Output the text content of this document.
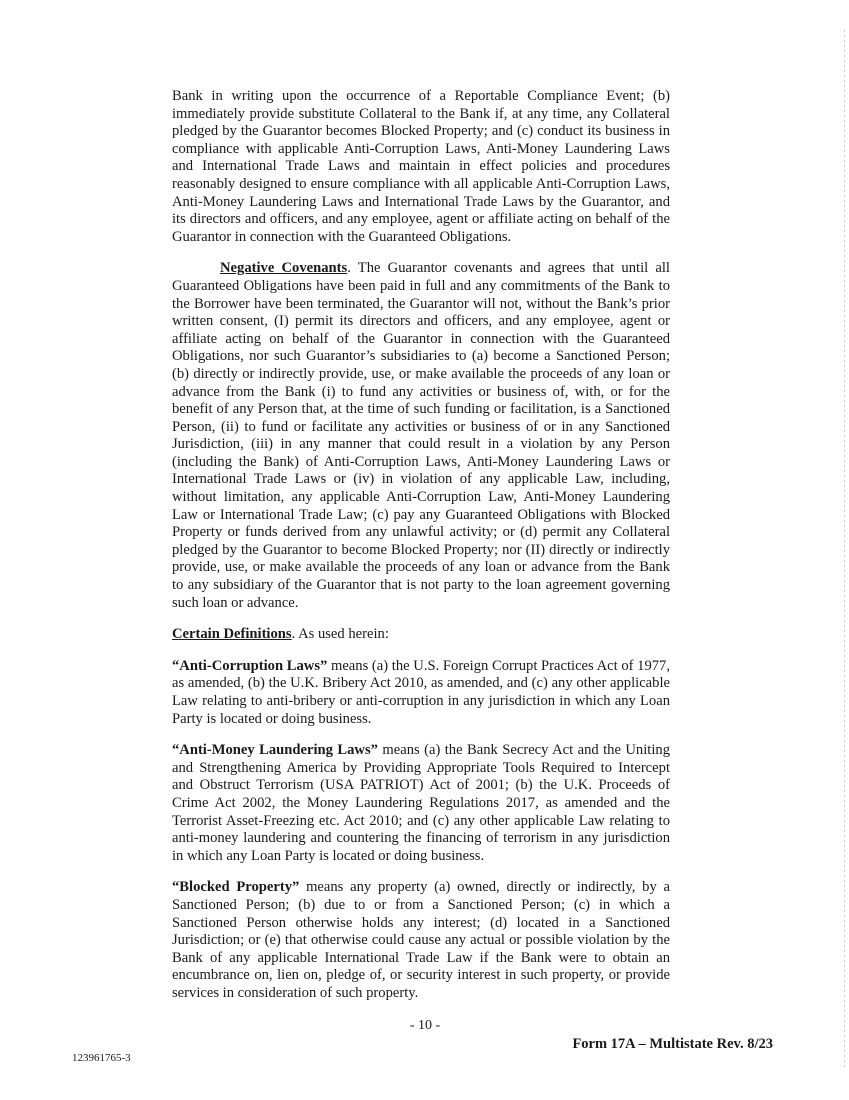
Bank in writing upon the occurrence of a Reportable Compliance Event; (b) immediately provide substitute Collateral to the Bank if, at any time, any Collateral pledged by the Guarantor becomes Blocked Property; and (c) conduct its business in compliance with applicable Anti-Corruption Laws, Anti-Money Laundering Laws and International Trade Laws and maintain in effect policies and procedures reasonably designed to ensure compliance with all applicable Anti-Corruption Laws, Anti-Money Laundering Laws and International Trade Laws by the Guarantor, and its directors and officers, and any employee, agent or affiliate acting on behalf of the Guarantor in connection with the Guaranteed Obligations.

Negative Covenants. The Guarantor covenants and agrees that until all Guaranteed Obligations have been paid in full and any commitments of the Bank to the Borrower have been terminated, the Guarantor will not, without the Bank’s prior written consent, (I) permit its directors and officers, and any employee, agent or affiliate acting on behalf of the Guarantor in connection with the Guaranteed Obligations, nor such Guarantor’s subsidiaries to (a) become a Sanctioned Person; (b) directly or indirectly provide, use, or make available the proceeds of any loan or advance from the Bank (i) to fund any activities or business of, with, or for the benefit of any Person that, at the time of such funding or facilitation, is a Sanctioned Person, (ii) to fund or facilitate any activities or business of or in any Sanctioned Jurisdiction, (iii) in any manner that could result in a violation by any Person (including the Bank) of Anti-Corruption Laws, Anti-Money Laundering Laws or International Trade Laws or (iv) in violation of any applicable Law, including, without limitation, any applicable Anti-Corruption Law, Anti-Money Laundering Law or International Trade Law; (c) pay any Guaranteed Obligations with Blocked Property or funds derived from any unlawful activity; or (d) permit any Collateral pledged by the Guarantor to become Blocked Property; nor (II) directly or indirectly provide, use, or make available the proceeds of any loan or advance from the Bank to any subsidiary of the Guarantor that is not party to the loan agreement governing such loan or advance.

Certain Definitions. As used herein:

“Anti-Corruption Laws” means (a) the U.S. Foreign Corrupt Practices Act of 1977, as amended, (b) the U.K. Bribery Act 2010, as amended, and (c) any other applicable Law relating to anti-bribery or anti-corruption in any jurisdiction in which any Loan Party is located or doing business.

“Anti-Money Laundering Laws” means (a) the Bank Secrecy Act and the Uniting and Strengthening America by Providing Appropriate Tools Required to Intercept and Obstruct Terrorism (USA PATRIOT) Act of 2001; (b) the U.K. Proceeds of Crime Act 2002, the Money Laundering Regulations 2017, as amended and the Terrorist Asset-Freezing etc. Act 2010; and (c) any other applicable Law relating to anti-money laundering and countering the financing of terrorism in any jurisdiction in which any Loan Party is located or doing business.

“Blocked Property” means any property (a) owned, directly or indirectly, by a Sanctioned Person; (b) due to or from a Sanctioned Person; (c) in which a Sanctioned Person otherwise holds any interest; (d) located in a Sanctioned Jurisdiction; or (e) that otherwise could cause any actual or possible violation by the Bank of any applicable International Trade Law if the Bank were to obtain an encumbrance on, lien on, pledge of, or security interest in such property, or provide services in consideration of such property.

- 10 -
Form 17A – Multistate Rev. 8/23
123961765-3
